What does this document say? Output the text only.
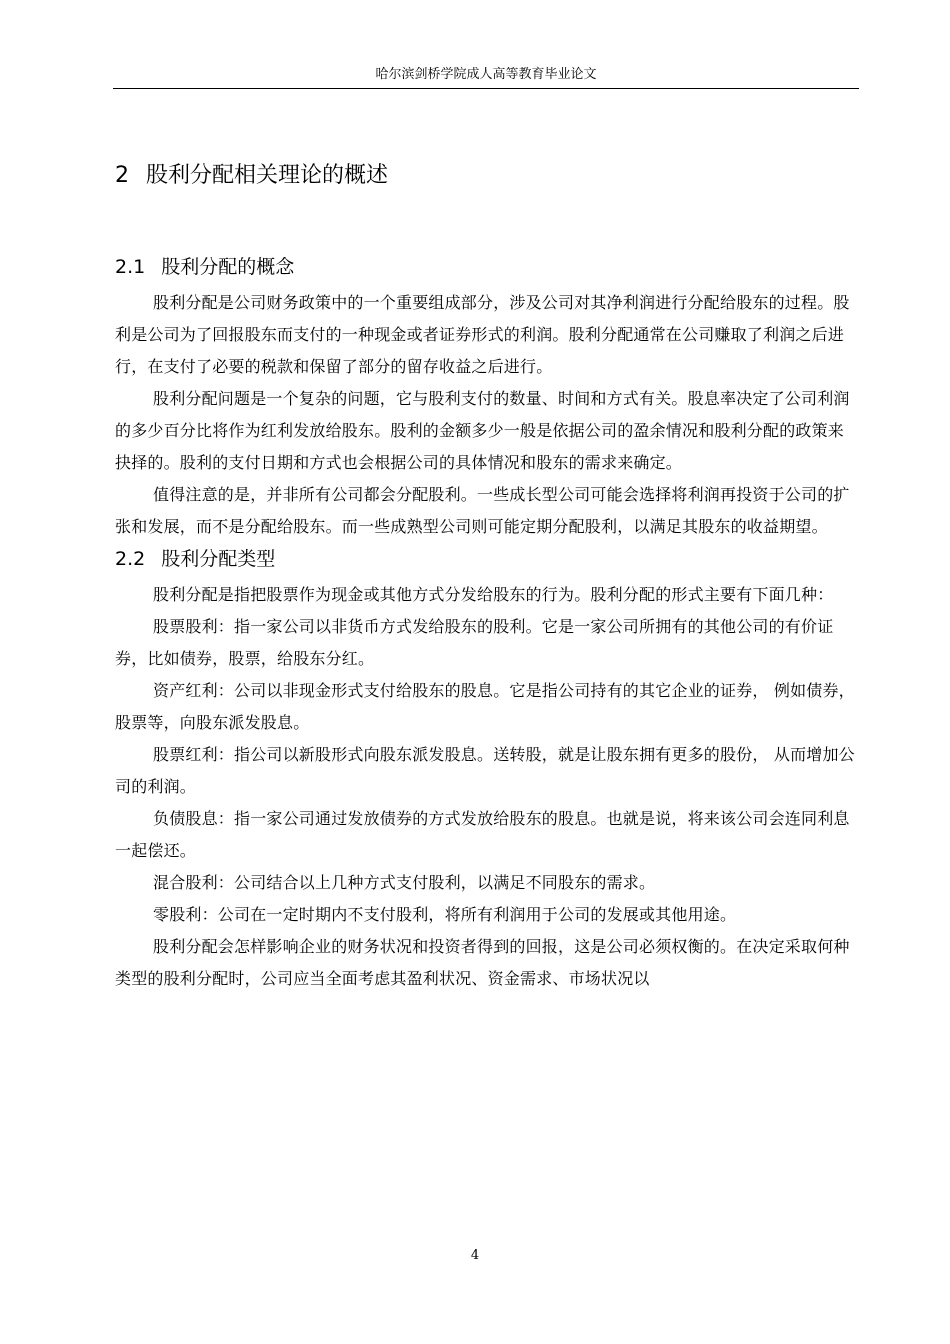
哈尔滨剑桥学院成人高等教育毕业论文
2 股利分配相关理论的概述
2.1 股利分配的概念

股利分配是公司财务政策中的一个重要组成部分，涉及公司对其净利润进行分配给股东的过程。股利是公司为了回报股东而支付的一种现金或者证券形式的利润。股利分配通常在公司赚取了利润之后进行，在支付了必要的税款和保留了部分的留存收益之后进行。

股利分配问题是一个复杂的问题，它与股利支付的数量、时间和方式有关。股息率决定了公司利润的多少百分比将作为红利发放给股东。股利的金额多少一般是依据公司的盈余情况和股利分配的政策来抉择的。股利的支付日期和方式也会根据公司的具体情况和股东的需求来确定。

值得注意的是，并非所有公司都会分配股利。一些成长型公司可能会选择将利润再投资于公司的扩张和发展，而不是分配给股东。而一些成熟型公司则可能定期分配股利，以满足其股东的收益期望。

2.2 股利分配类型

股利分配是指把股票作为现金或其他方式分发给股东的行为。股利分配的形式主要有下面几种：

股票股利：指一家公司以非货币方式发给股东的股利。它是一家公司所拥有的其他公司的有价证券，比如债券，股票，给股东分红。

资产红利：公司以非现金形式支付给股东的股息。它是指公司持有的其它企业的证券， 例如债券，股票等，向股东派发股息。

股票红利：指公司以新股形式向股东派发股息。送转股，就是让股东拥有更多的股份， 从而增加公司的利润。

负债股息：指一家公司通过发放债券的方式发放给股东的股息。也就是说，将来该公司会连同利息一起偿还。

混合股利：公司结合以上几种方式支付股利，以满足不同股东的需求。

零股利：公司在一定时期内不支付股利，将所有利润用于公司的发展或其他用途。

股利分配会怎样影响企业的财务状况和投资者得到的回报，这是公司必须权衡的。在决定采取何种类型的股利分配时，公司应当全面考虑其盈利状况、资金需求、市场状况以

4
